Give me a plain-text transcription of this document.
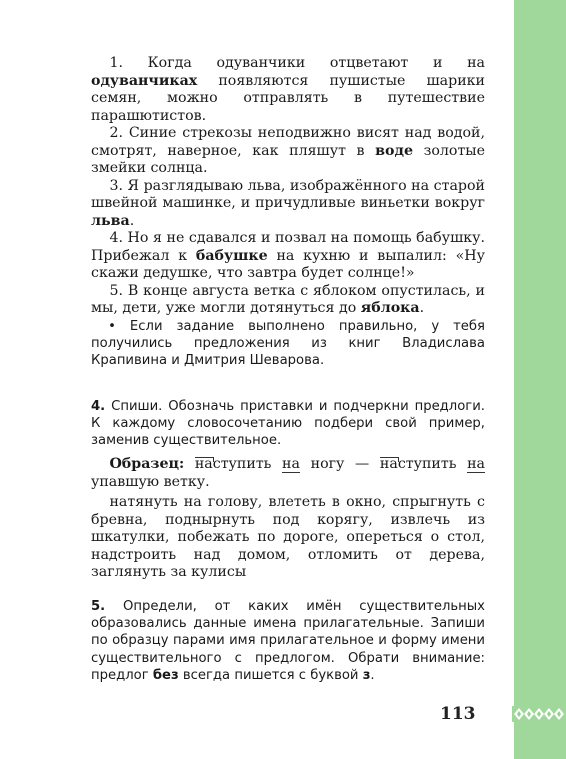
1. Когда одуванчики отцветают и на одуванчиках появляются пушистые шарики семян, можно отправлять в путешествие парашютистов.

2. Синие стрекозы неподвижно висят над водой, смотрят, наверное, как пляшут в воде золотые змейки солнца.

3. Я разглядываю льва, изображённого на старой швейной машинке, и причудливые виньетки вокруг льва.

4. Но я не сдавался и позвал на помощь бабушку. Прибежал к бабушке на кухню и выпалил: «Ну скажи дедушке, что завтра будет солнце!»

5. В конце августа ветка с яблоком опустилась, и мы, дети, уже могли дотянуться до яблока.

• Если задание выполнено правильно, у тебя получились предложения из книг Владислава Крапивина и Дмитрия Шеварова.

4. Спиши. Обозначь приставки и подчеркни предлоги. К каждому словосочетанию подбери свой пример, заменив существительное.

Образец: наступить на ногу — наступить на упавшую ветку.

натянуть на голову, влететь в окно, спрыгнуть с бревна, поднырнуть под корягу, извлечь из шкатулки, побежать по дороге, опереться о стол, надстроить над домом, отломить от дерева, заглянуть за кулисы

5. Определи, от каких имён существительных образовались данные имена прилагательные. Запиши по образцу парами имя прилагательное и форму имени существительного с предлогом. Обрати внимание: предлог без всегда пишется с буквой з.

113
